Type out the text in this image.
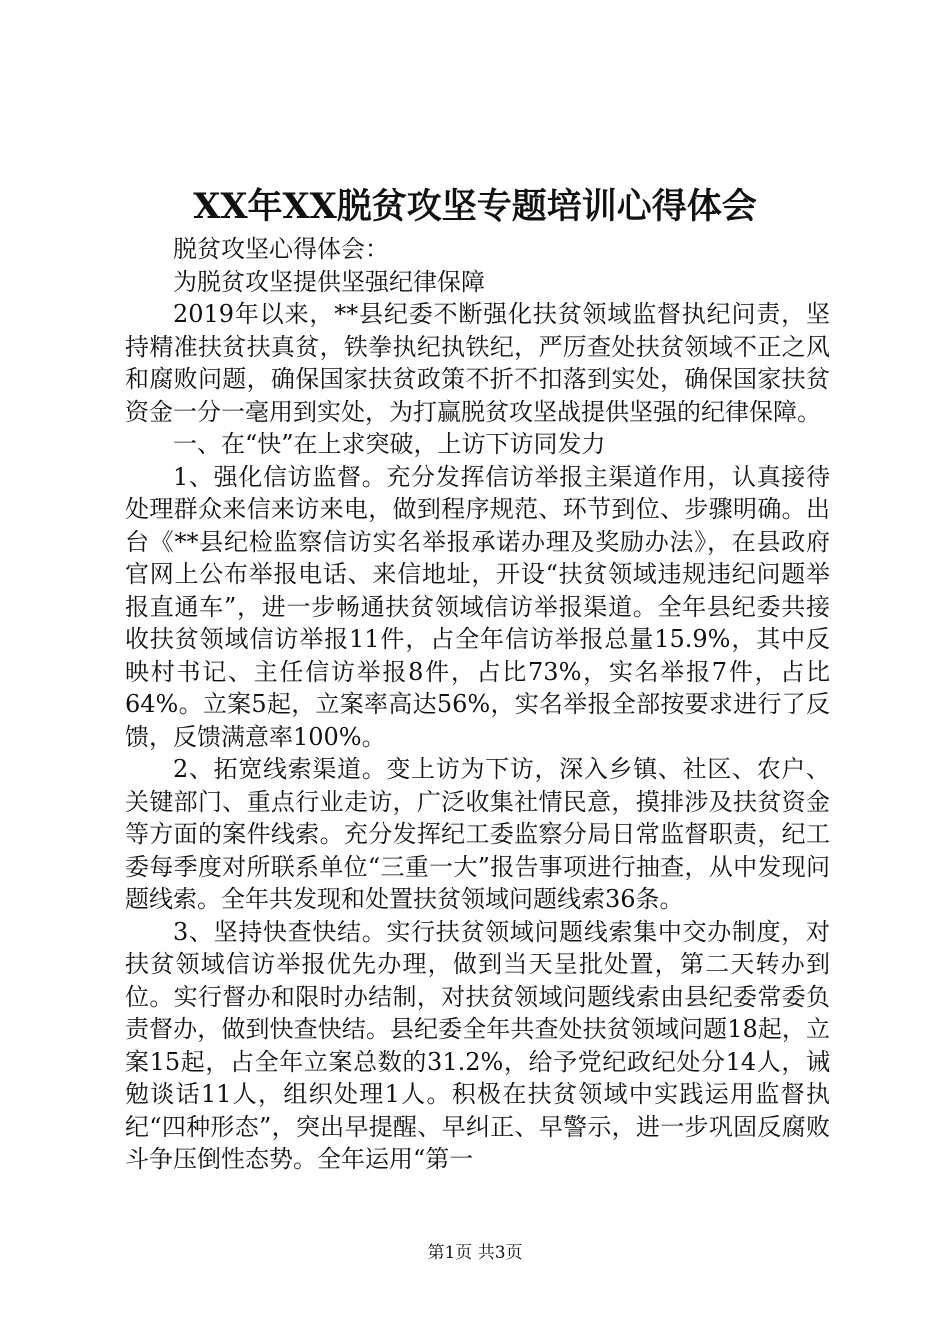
XX年XX脱贫攻坚专题培训心得体会

脱贫攻坚心得体会：

为脱贫攻坚提供坚强纪律保障

2019年以来，**县纪委不断强化扶贫领域监督执纪问责，坚持精准扶贫扶真贫，铁拳执纪执铁纪，严厉查处扶贫领域不正之风和腐败问题，确保国家扶贫政策不折不扣落到实处，确保国家扶贫资金一分一毫用到实处，为打赢脱贫攻坚战提供坚强的纪律保障。

一、在“快”在上求突破，上访下访同发力

1、强化信访监督。充分发挥信访举报主渠道作用，认真接待处理群众来信来访来电，做到程序规范、环节到位、步骤明确。出台《**县纪检监察信访实名举报承诺办理及奖励办法》，在县政府官网上公布举报电话、来信地址，开设“扶贫领域违规违纪问题举报直通车”，进一步畅通扶贫领域信访举报渠道。全年县纪委共接收扶贫领域信访举报11件，占全年信访举报总量15.9%，其中反映村书记、主任信访举报8件，占比73%，实名举报7件，占比64%。立案5起，立案率高达56%，实名举报全部按要求进行了反馈，反馈满意率100%。

2、拓宽线索渠道。变上访为下访，深入乡镇、社区、农户、关键部门、重点行业走访，广泛收集社情民意，摸排涉及扶贫资金等方面的案件线索。充分发挥纪工委监察分局日常监督职责，纪工委每季度对所联系单位“三重一大”报告事项进行抽查，从中发现问题线索。全年共发现和处置扶贫领域问题线索36条。

3、坚持快查快结。实行扶贫领域问题线索集中交办制度，对扶贫领域信访举报优先办理，做到当天呈批处置，第二天转办到位。实行督办和限时办结制，对扶贫领域问题线索由县纪委常委负责督办，做到快查快结。县纪委全年共查处扶贫领域问题18起，立案15起，占全年立案总数的31.2%，给予党纪政纪处分14人，诫勉谈话11人，组织处理1人。积极在扶贫领域中实践运用监督执纪“四种形态”，突出早提醒、早纠正、早警示，进一步巩固反腐败斗争压倒性态势。全年运用“第一

第1页 共3页
